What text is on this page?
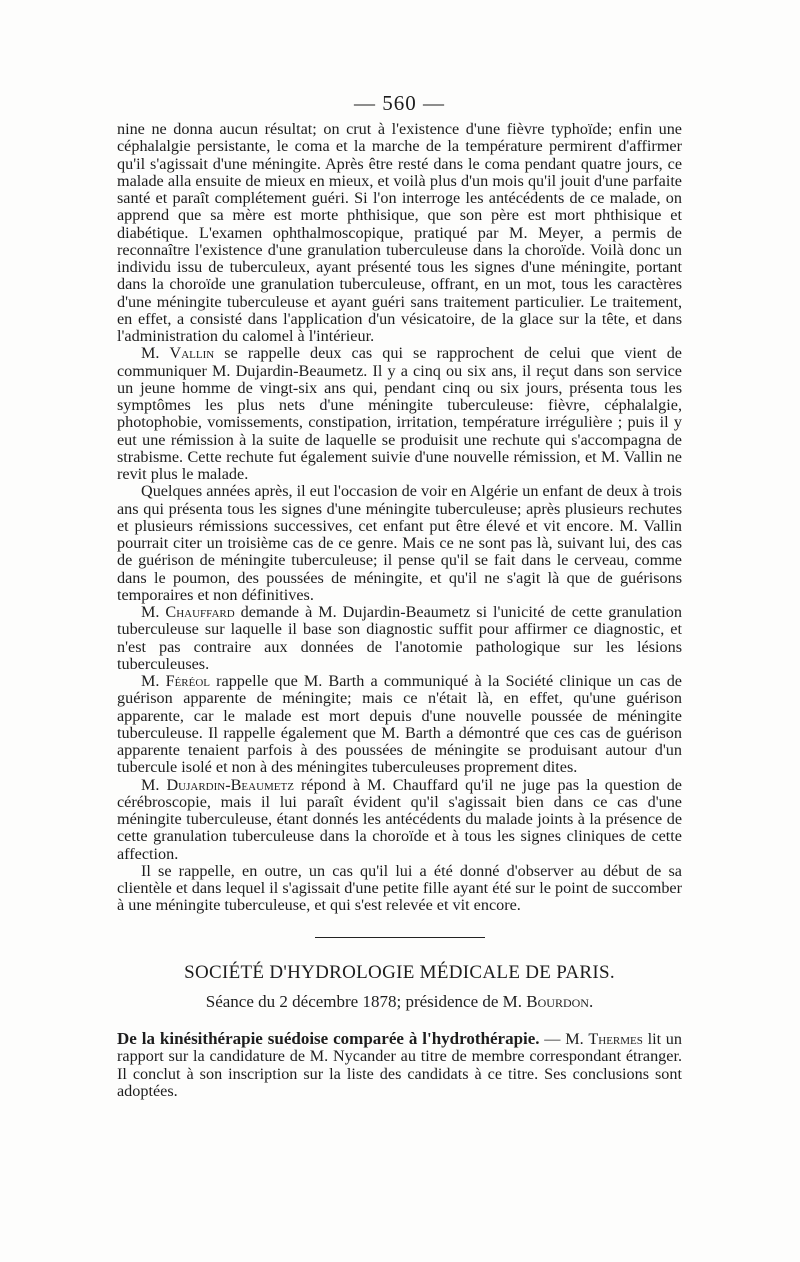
— 560 —

nine ne donna aucun résultat; on crut à l'existence d'une fièvre typhoïde; enfin une céphalalgie persistante, le coma et la marche de la température permirent d'affirmer qu'il s'agissait d'une méningite. Après être resté dans le coma pendant quatre jours, ce malade alla ensuite de mieux en mieux, et voilà plus d'un mois qu'il jouit d'une parfaite santé et paraît complétement guéri. Si l'on interroge les antécédents de ce malade, on apprend que sa mère est morte phthisique, que son père est mort phthisique et diabétique. L'examen ophthalmoscopique, pratiqué par M. Meyer, a permis de reconnaître l'existence d'une granulation tuberculeuse dans la choroïde. Voilà donc un individu issu de tuberculeux, ayant présenté tous les signes d'une méningite, portant dans la choroïde une granulation tuberculeuse, offrant, en un mot, tous les caractères d'une méningite tuberculeuse et ayant guéri sans traitement particulier. Le traitement, en effet, a consisté dans l'application d'un vésicatoire, de la glace sur la tête, et dans l'administration du calomel à l'intérieur.

M. Vallin se rappelle deux cas qui se rapprochent de celui que vient de communiquer M. Dujardin-Beaumetz. Il y a cinq ou six ans, il reçut dans son service un jeune homme de vingt-six ans qui, pendant cinq ou six jours, présenta tous les symptômes les plus nets d'une méningite tuberculeuse: fièvre, céphalalgie, photophobie, vomissements, constipation, irritation, température irrégulière ; puis il y eut une rémission à la suite de laquelle se produisit une rechute qui s'accompagna de strabisme. Cette rechute fut également suivie d'une nouvelle rémission, et M. Vallin ne revit plus le malade.

Quelques années après, il eut l'occasion de voir en Algérie un enfant de deux à trois ans qui présenta tous les signes d'une méningite tuberculeuse; après plusieurs rechutes et plusieurs rémissions successives, cet enfant put être élevé et vit encore. M. Vallin pourrait citer un troisième cas de ce genre. Mais ce ne sont pas là, suivant lui, des cas de guérison de méningite tuberculeuse; il pense qu'il se fait dans le cerveau, comme dans le poumon, des poussées de méningite, et qu'il ne s'agit là que de guérisons temporaires et non définitives.

M. Chauffard demande à M. Dujardin-Beaumetz si l'unicité de cette granulation tuberculeuse sur laquelle il base son diagnostic suffit pour affirmer ce diagnostic, et n'est pas contraire aux données de l'anotomie pathologique sur les lésions tuberculeuses.

M. Féréol rappelle que M. Barth a communiqué à la Société clinique un cas de guérison apparente de méningite; mais ce n'était là, en effet, qu'une guérison apparente, car le malade est mort depuis d'une nouvelle poussée de méningite tuberculeuse. Il rappelle également que M. Barth a démontré que ces cas de guérison apparente tenaient parfois à des poussées de méningite se produisant autour d'un tubercule isolé et non à des méningites tuberculeuses proprement dites.

M. Dujardin-Beaumetz répond à M. Chauffard qu'il ne juge pas la question de cérébroscopie, mais il lui paraît évident qu'il s'agissait bien dans ce cas d'une méningite tuberculeuse, étant donnés les antécédents du malade joints à la présence de cette granulation tuberculeuse dans la choroïde et à tous les signes cliniques de cette affection.

Il se rappelle, en outre, un cas qu'il lui a été donné d'observer au début de sa clientèle et dans lequel il s'agissait d'une petite fille ayant été sur le point de succomber à une méningite tuberculeuse, et qui s'est relevée et vit encore.

SOCIÉTÉ D'HYDROLOGIE MÉDICALE DE PARIS.
Séance du 2 décembre 1878; présidence de M. Bourdon.

De la kinésithérapie suédoise comparée à l'hydrothérapie. — M. Thermes lit un rapport sur la candidature de M. Nycander au titre de membre correspondant étranger. Il conclut à son inscription sur la liste des candidats à ce titre. Ses conclusions sont adoptées.
